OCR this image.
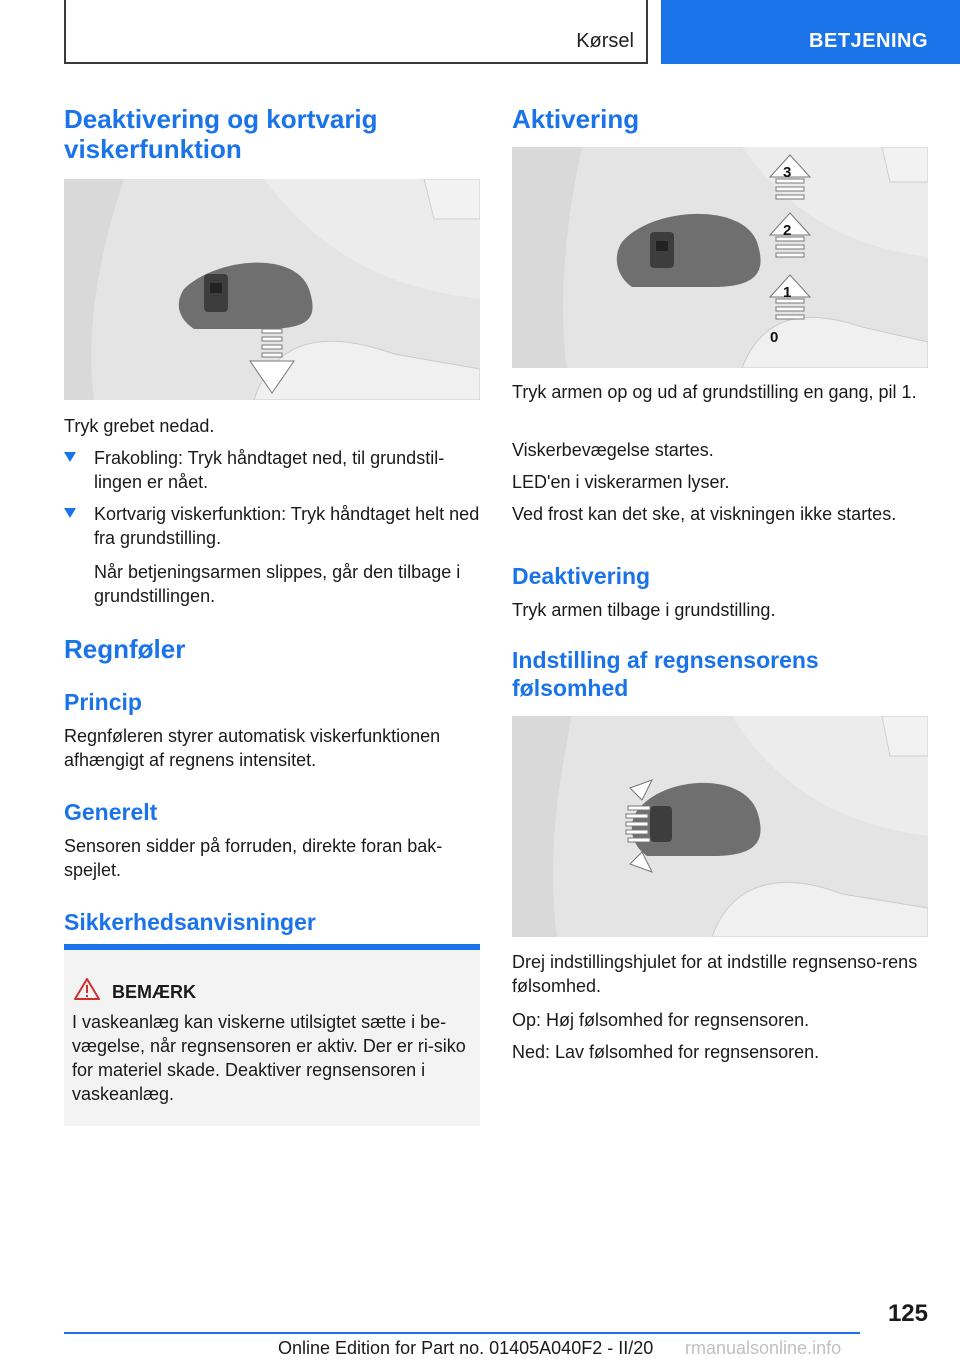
Kørsel	BETJENING
Deaktivering og kortvarig viskerfunktion

Tryk grebet nedad.

Frakobling: Tryk håndtaget ned, til grundstil-lingen er nået.
Kortvarig viskerfunktion: Tryk håndtaget helt ned fra grundstilling.

Når betjeningsarmen slippes, går den tilbage i grundstillingen.

Regnføler
Princip

Regnføleren styrer automatisk viskerfunktionen afhængigt af regnens intensitet.

Generelt

Sensoren sidder på forruden, direkte foran bak-spejlet.

Sikkerhedsanvisninger
BEMÆRK
I vaskeanlæg kan viskerne utilsigtet sætte i be-vægelse, når regnsensoren er aktiv. Der er ri-siko for materiel skade. Deaktiver regnsensoren i vaskeanlæg.
Aktivering
3
2
1
0

Tryk armen op og ud af grundstilling en gang, pil 1.

Viskerbevægelse startes.

LED'en i viskerarmen lyser.

Ved frost kan det ske, at viskningen ikke startes.

Deaktivering

Tryk armen tilbage i grundstilling.

Indstilling af regnsensorens følsomhed

Drej indstillingshjulet for at indstille regnsenso-rens følsomhed.

Op: Høj følsomhed for regnsensoren.

Ned: Lav følsomhed for regnsensoren.

125
Online Edition for Part no. 01405A040F2 - II/20 rmanualsonline.info
